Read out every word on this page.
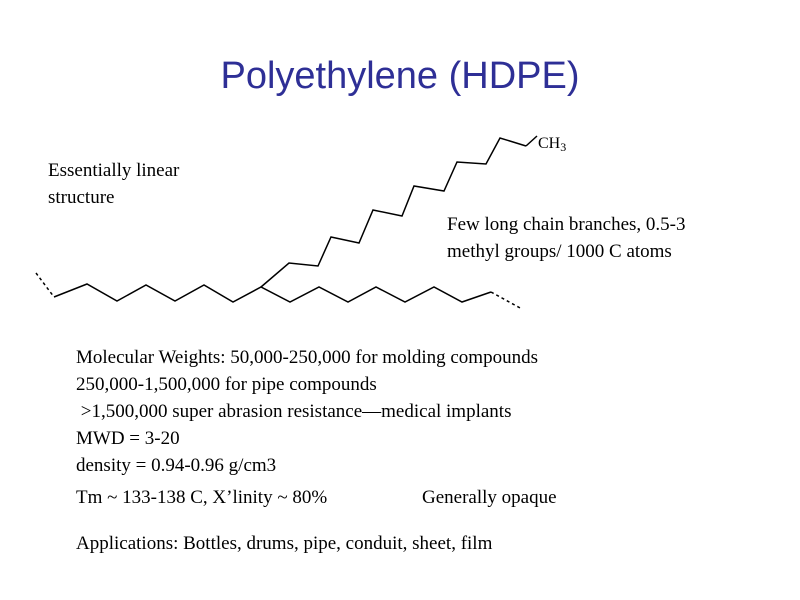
Polyethylene (HDPE)
$CH_3$
Essentially linear
structure
Few long chain branches, 0.5-3
methyl groups/ 1000 C atoms
Molecular Weights: 50,000-250,000 for molding compounds
250,000-1,500,000 for pipe compounds
>1,500,000 super abrasion resistance—medical implants
MWD = 3-20
density = 0.94-0.96 g/cm3
Tm ~ 133-138 C, X’linity ~ 80%	Generally opaque
Applications: Bottles, drums, pipe, conduit, sheet, film
